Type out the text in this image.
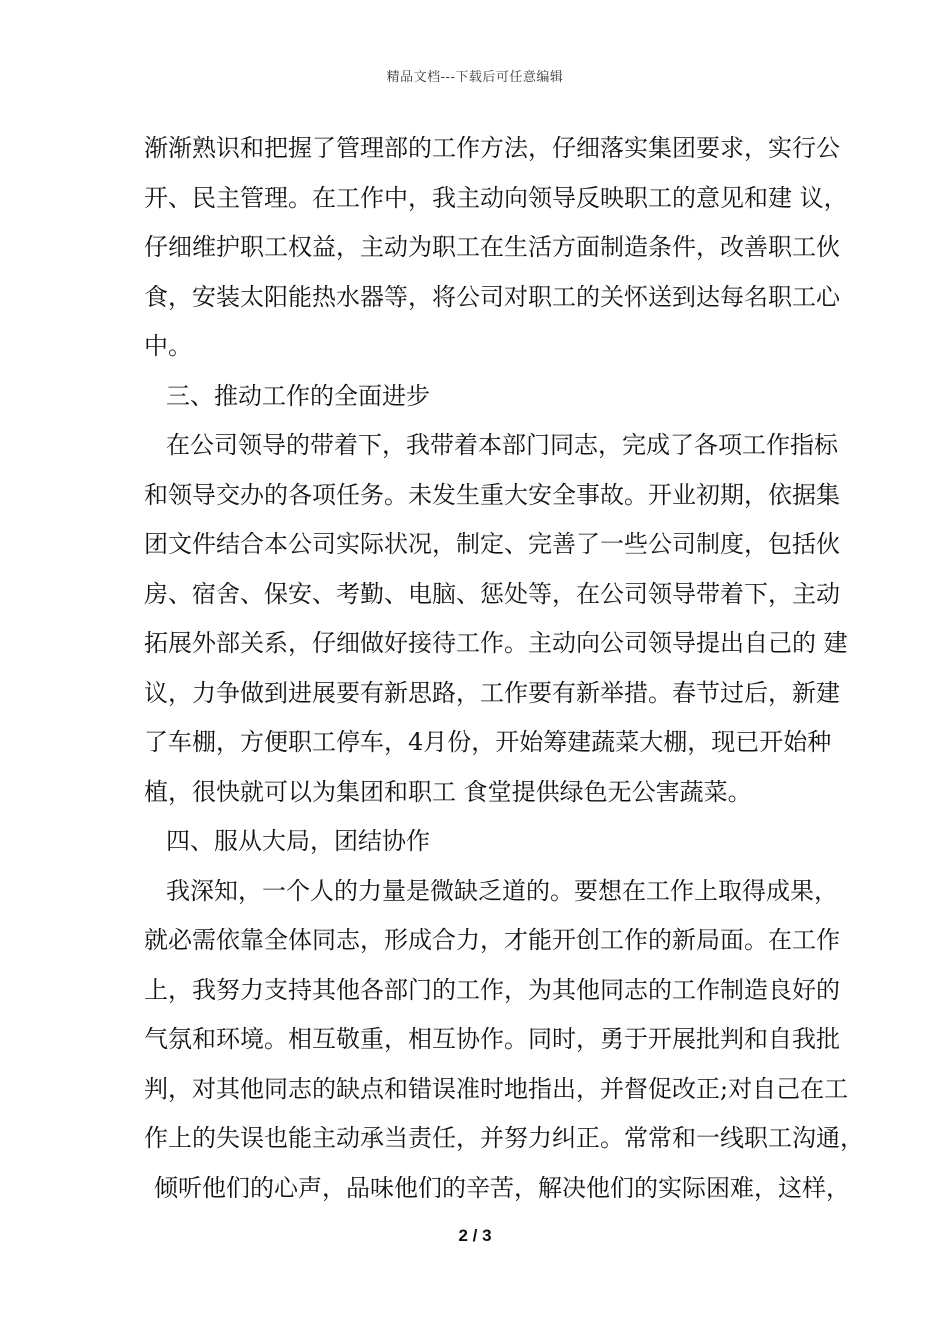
精品文档---下载后可任意编辑
渐渐熟识和把握了管理部的工作方法，仔细落实集团要求，实行公
开、民主管理。在工作中，我主动向领导反映职工的意见和建 议，
仔细维护职工权益，主动为职工在生活方面制造条件，改善职工伙
食，安装太阳能热水器等，将公司对职工的关怀送到达每名职工心
中。
三、推动工作的全面进步
在公司领导的带着下，我带着本部门同志，完成了各项工作指标
和领导交办的各项任务。未发生重大安全事故。开业初期，依据集
团文件结合本公司实际状况，制定、完善了一些公司制度，包括伙
房、宿舍、保安、考勤、电脑、惩处等，在公司领导带着下，主动
拓展外部关系，仔细做好接待工作。主动向公司领导提出自己的 建
议，力争做到进展要有新思路，工作要有新举措。春节过后，新建
了车棚，方便职工停车，4月份，开始筹建蔬菜大棚，现已开始种
植，很快就可以为集团和职工 食堂提供绿色无公害蔬菜。
四、服从大局，团结协作
我深知，一个人的力量是微缺乏道的。要想在工作上取得成果，
就必需依靠全体同志，形成合力，才能开创工作的新局面。在工作
上，我努力支持其他各部门的工作，为其他同志的工作制造良好的
气氛和环境。相互敬重，相互协作。同时，勇于开展批判和自我批
判，对其他同志的缺点和错误准时地指出，并督促改正;对自己在工
作上的失误也能主动承当责任，并努力纠正。常常和一线职工沟通，
倾听他们的心声，品味他们的辛苦，解决他们的实际困难，这样，
2 / 3
